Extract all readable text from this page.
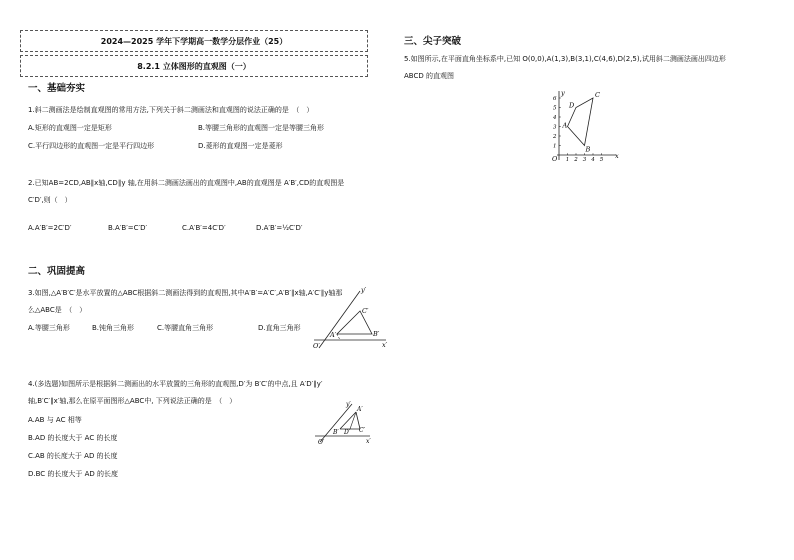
2024—2025 学年下学期高一数学分层作业（25）
8.2.1 立体图形的直观图（一）
一、基础夯实
1.斜二测画法是绘制直观图的常用方法,下列关于斜二测画法和直观图的说法正确的是　（　）
A.矩形的直观图一定是矩形	B.等腰三角形的直观图一定是等腰三角形
C.平行四边形的直观图一定是平行四边形	D.菱形的直观图一定是菱形
2.已知AB=2CD,AB∥x轴,CD∥y 轴,在用斜二测画法画出的直观图中,AB的直观图是 A′B′,CD的直观图是
C′D′,则（　）
A.A′B′=2C′D′	B.A′B′=C′D′	C.A′B′=4C′D′	D.A′B′=½C′D′
二、巩固提高
3.如图,△A′B′C′是水平放置的△ABC根据斜二测画法得到的直观图,其中A′B′=A′C′,A′B′∥x轴,A′C′∥y轴那
么△ABC是　（　）
A.等腰三角形	B.钝角三角形	C.等腰直角三角形	D.直角三角形
y′
x′
O′
A′	B′
C′
4.(多选题)如图所示是根据斜二测画出的水平放置的三角形的直观图,D′为 B′C′的中点,且 A′D′∥y′
轴,B′C′∥x′轴,那么在原平面图形△ABC中, 下列说法正确的是　（　）
A.AB 与 AC 相等
B.AD 的长度大于 AC 的长度
C.AB 的长度大于 AD 的长度
D.BC 的长度大于 AD 的长度
y′
x′
O′
A′
B′ D′ C′
三、尖子突破
5.如图所示,在平面直角坐标系中,已知 O(0,0),A(1,3),B(3,1),C(4,6),D(2,5),试用斜二测画法画出四边形
ABCD 的直观图
y
x
O 1 2 3 4 5
1
2
3
4
5
6
A
B
C
D
